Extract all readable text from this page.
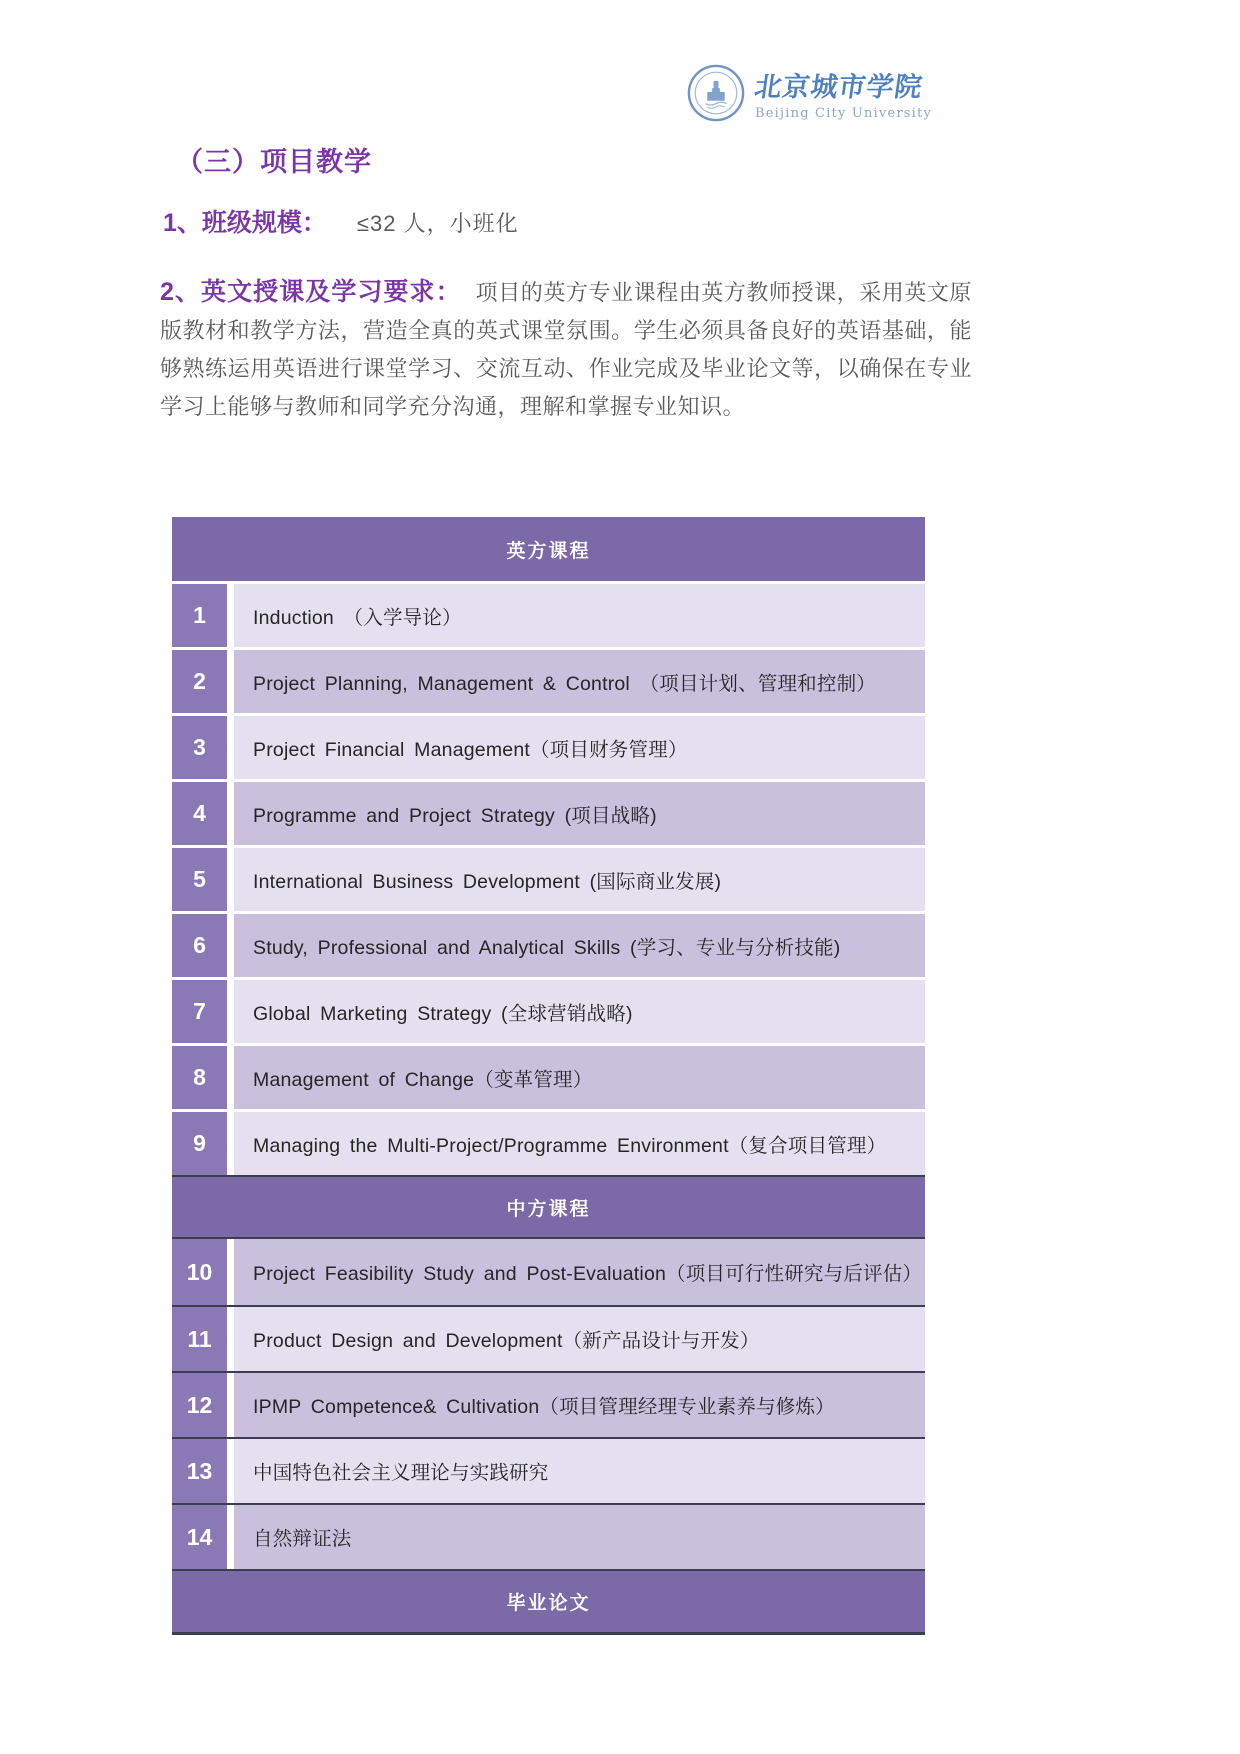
北京城市学院
Beijing City University
（三）项目教学
1、班级规模： ≤32 人，小班化
2、英文授课及学习要求： 项目的英方专业课程由英方教师授课，采用英文原版教材和教学方法，营造全真的英式课堂氛围。学生必须具备良好的英语基础，能够熟练运用英语进行课堂学习、交流互动、作业完成及毕业论文等，以确保在专业学习上能够与教师和同学充分沟通，理解和掌握专业知识。
英方课程
1	Induction （入学导论）
2	Project Planning, Management & Control （项目计划、管理和控制）
3	Project Financial Management（项目财务管理）
4	Programme and Project Strategy (项目战略)
5	International Business Development (国际商业发展)
6	Study, Professional and Analytical Skills (学习、专业与分析技能)
7	Global Marketing Strategy (全球营销战略)
8	Management of Change（变革管理）
9	Managing the Multi-Project/Programme Environment（复合项目管理）
中方课程
10	Project Feasibility Study and Post-Evaluation（项目可行性研究与后评估）
11	Product Design and Development（新产品设计与开发）
12	IPMP Competence& Cultivation（项目管理经理专业素养与修炼）
13	中国特色社会主义理论与实践研究
14	自然辩证法
毕业论文
